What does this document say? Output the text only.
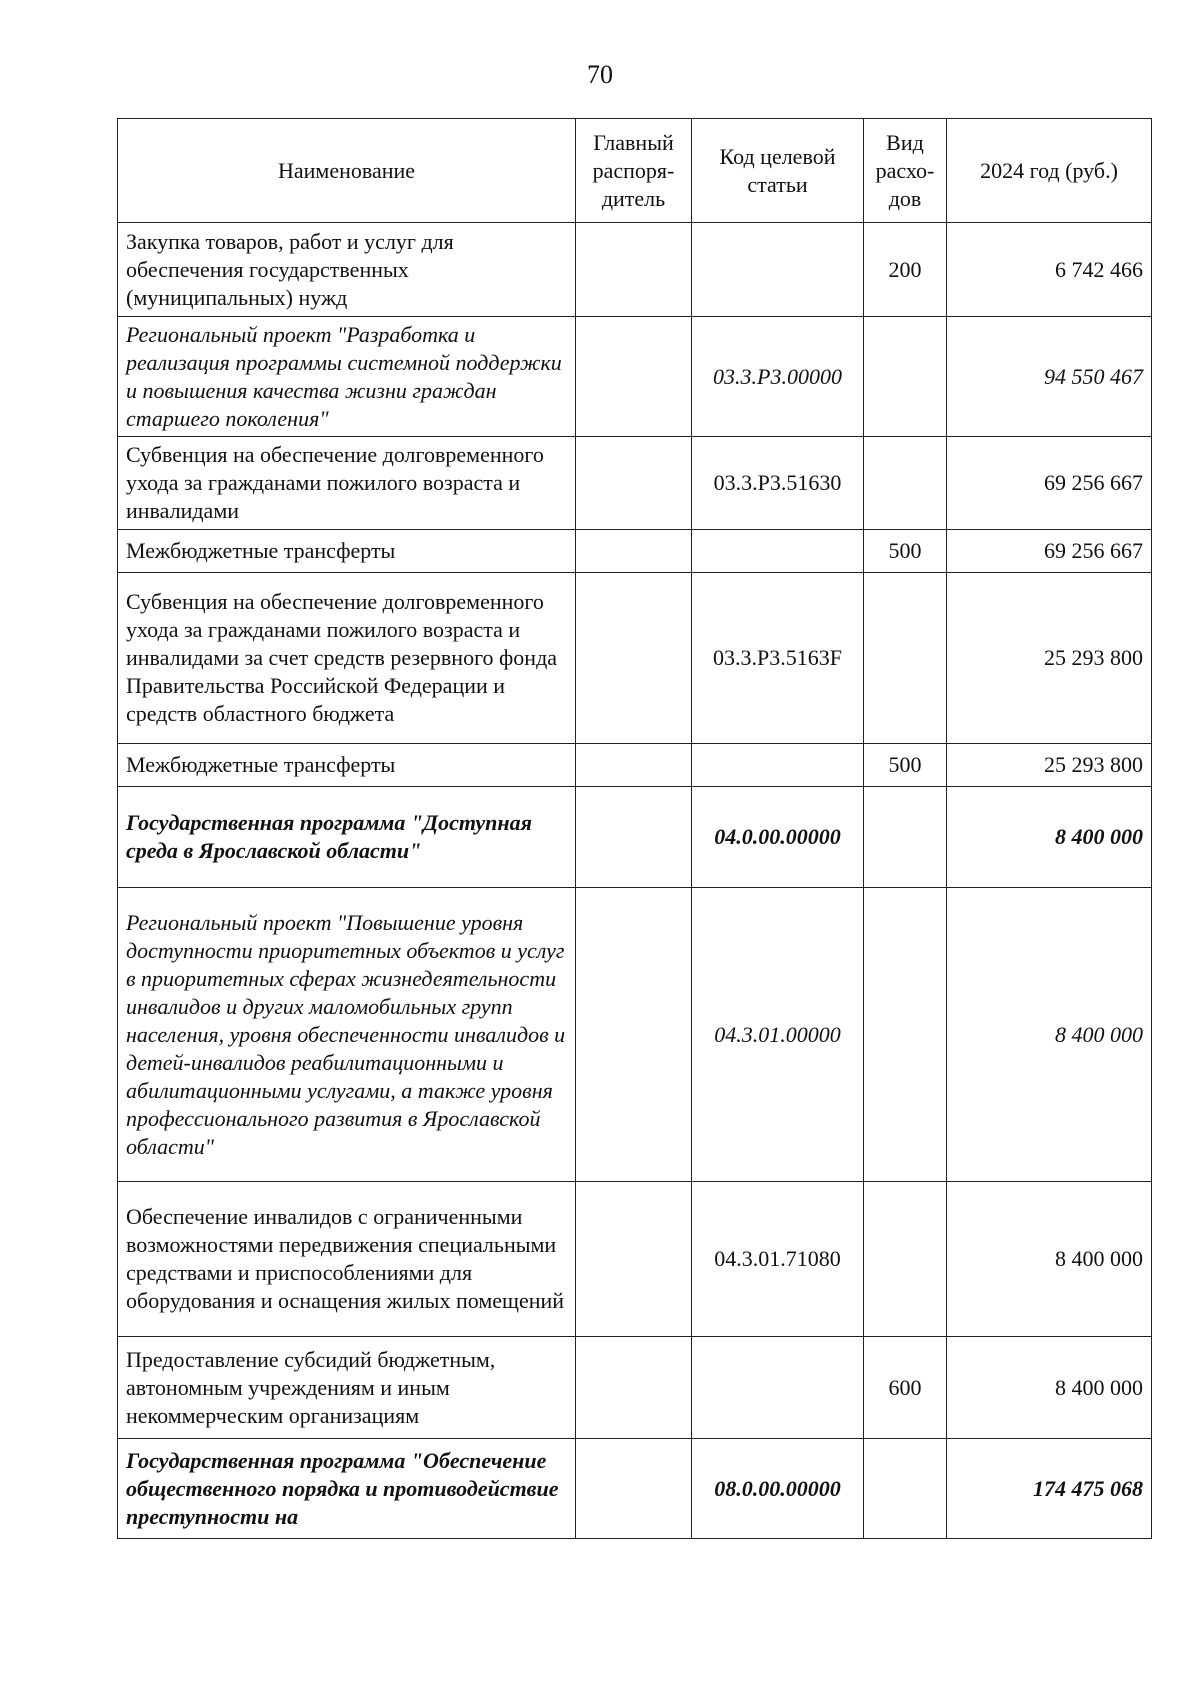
70
Наименование	Главный распоря-дитель	Код целевой статьи	Вид расхо-дов	2024 год (руб.)
Закупка товаров, работ и услуг для обеспечения государственных (муниципальных) нужд			200	6 742 466
Региональный проект "Разработка и реализация программы системной поддержки и повышения качества жизни граждан старшего поколения"		03.3.P3.00000		94 550 467
Субвенция на обеспечение долговременного ухода за гражданами пожилого возраста и инвалидами		03.3.P3.51630		69 256 667
Межбюджетные трансферты			500	69 256 667
Субвенция на обеспечение долговременного ухода за гражданами пожилого возраста и инвалидами за счет средств резервного фонда Правительства Российской Федерации и средств областного бюджета		03.3.P3.5163F		25 293 800
Межбюджетные трансферты			500	25 293 800
Государственная программа "Доступная среда в Ярославской области"		04.0.00.00000		8 400 000
Региональный проект "Повышение уровня доступности приоритетных объектов и услуг в приоритетных сферах жизнедеятельности инвалидов и других маломобильных групп населения, уровня обеспеченности инвалидов и детей-инвалидов реабилитационными и абилитационными услугами, а также уровня профессионального развития в Ярославской области"		04.3.01.00000		8 400 000
Обеспечение инвалидов с ограниченными возможностями передвижения специальными средствами и приспособлениями для оборудования и оснащения жилых помещений		04.3.01.71080		8 400 000
Предоставление субсидий бюджетным, автономным учреждениям и иным некоммерческим организациям			600	8 400 000
Государственная программа "Обеспечение общественного порядка и противодействие преступности на		08.0.00.00000		174 475 068
